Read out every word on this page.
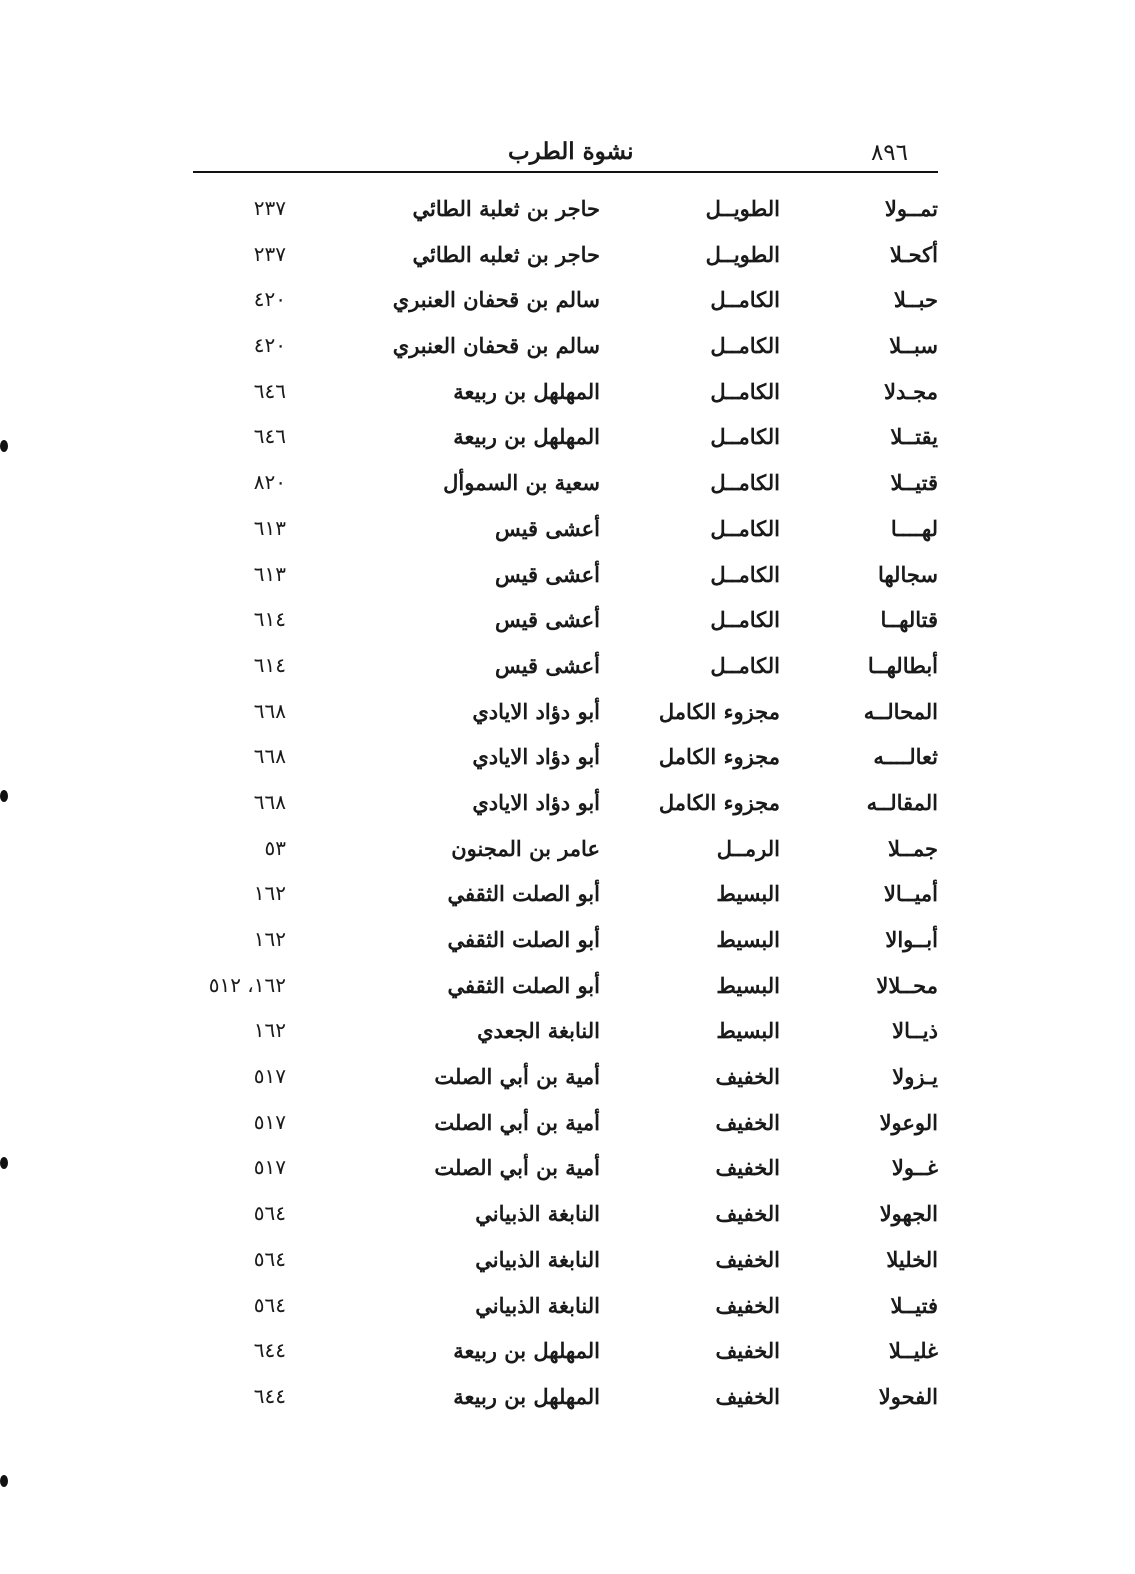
٨٩٦
نشوة الطرب
تمــولا
الطويــل
حاجر بن ثعلبة الطائي
٢٣٧
أكحـلا
الطويــل
حاجر بن ثعلبه الطائي
٢٣٧
حبــلا
الكامــل
سالم بن قحفان العنبري
٤٢٠
سبــلا
الكامــل
سالم بن قحفان العنبري
٤٢٠
مجـدلا
الكامــل
المهلهل بن ربيعة
٦٤٦
يقتــلا
الكامــل
المهلهل بن ربيعة
٦٤٦
قتيــلا
الكامــل
سعية بن السموأل
٨٢٠
لهــــا
الكامــل
أعشى قيس
٦١٣
سجالها
الكامــل
أعشى قيس
٦١٣
قتالهــا
الكامــل
أعشى قيس
٦١٤
أبطالهــا
الكامــل
أعشى قيس
٦١٤
المحالــه
مجزوء الكامل
أبو دؤاد الايادي
٦٦٨
ثعالــــه
مجزوء الكامل
أبو دؤاد الايادي
٦٦٨
المقالــه
مجزوء الكامل
أبو دؤاد الايادي
٦٦٨
جمــلا
الرمــل
عامر بن المجنون
٥٣
أميــالا
البسيط
أبو الصلت الثقفي
١٦٢
أبــوالا
البسيط
أبو الصلت الثقفي
١٦٢
محــلالا
البسيط
أبو الصلت الثقفي
١٦٢، ٥١٢
ذيــالا
البسيط
النابغة الجعدي
١٦٢
يـزولا
الخفيف
أمية بن أبي الصلت
٥١٧
الوعولا
الخفيف
أمية بن أبي الصلت
٥١٧
غــولا
الخفيف
أمية بن أبي الصلت
٥١٧
الجهولا
الخفيف
النابغة الذبياني
٥٦٤
الخليلا
الخفيف
النابغة الذبياني
٥٦٤
فتيــلا
الخفيف
النابغة الذبياني
٥٦٤
غليــلا
الخفيف
المهلهل بن ربيعة
٦٤٤
الفحولا
الخفيف
المهلهل بن ربيعة
٦٤٤
